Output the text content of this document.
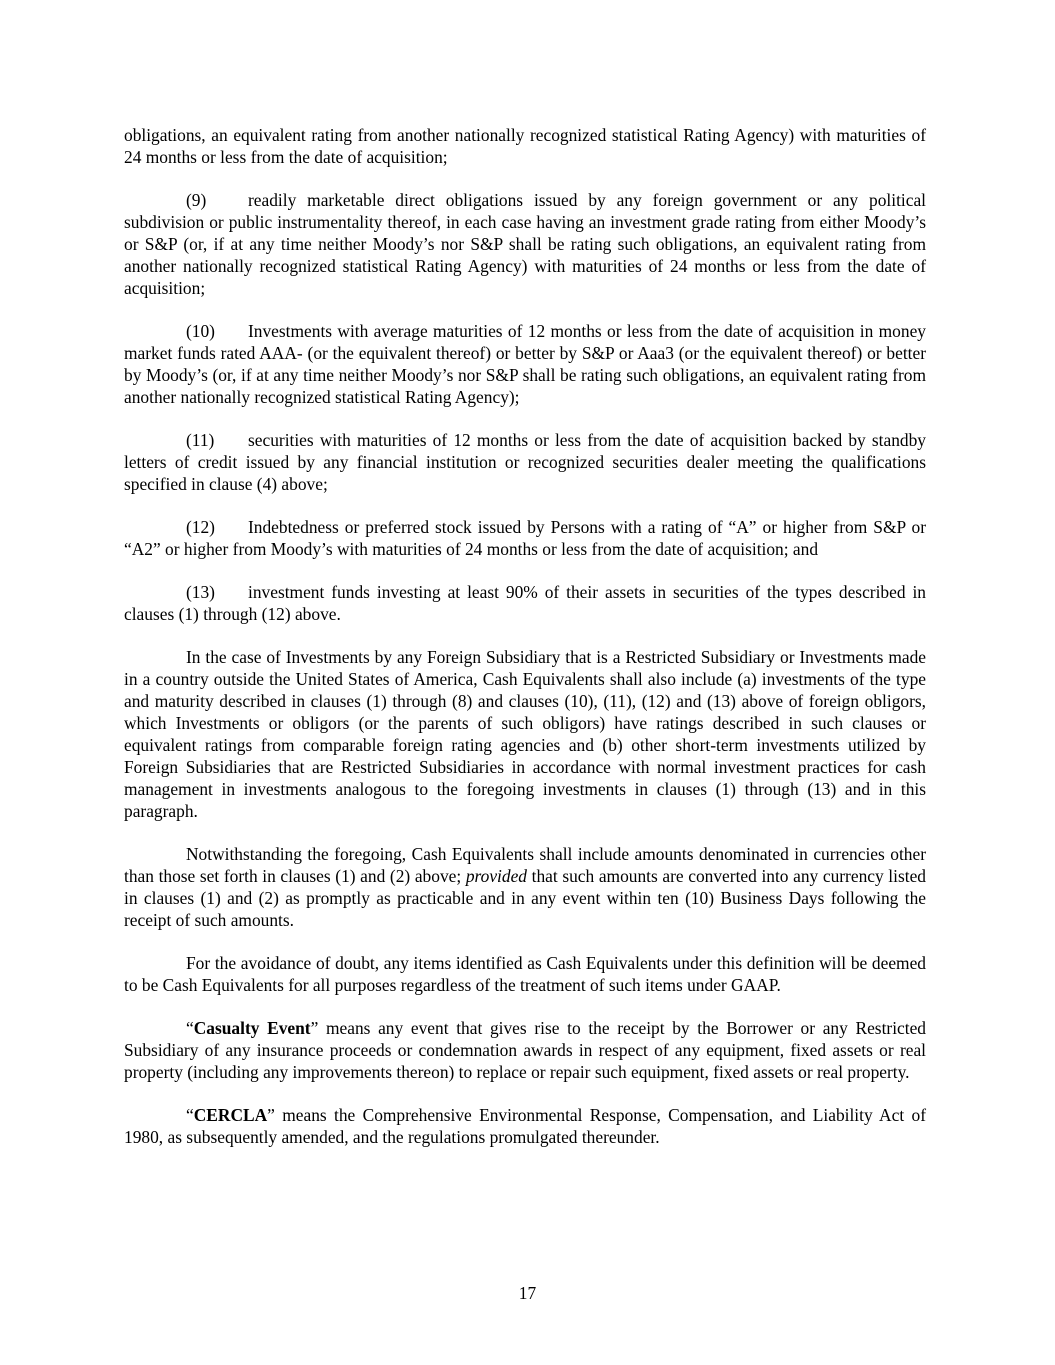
obligations, an equivalent rating from another nationally recognized statistical Rating Agency) with maturities of 24 months or less from the date of acquisition;

(9) readily marketable direct obligations issued by any foreign government or any political subdivision or public instrumentality thereof, in each case having an investment grade rating from either Moody’s or S&P (or, if at any time neither Moody’s nor S&P shall be rating such obligations, an equivalent rating from another nationally recognized statistical Rating Agency) with maturities of 24 months or less from the date of acquisition;

(10) Investments with average maturities of 12 months or less from the date of acquisition in money market funds rated AAA- (or the equivalent thereof) or better by S&P or Aaa3 (or the equivalent thereof) or better by Moody’s (or, if at any time neither Moody’s nor S&P shall be rating such obligations, an equivalent rating from another nationally recognized statistical Rating Agency);

(11) securities with maturities of 12 months or less from the date of acquisition backed by standby letters of credit issued by any financial institution or recognized securities dealer meeting the qualifications specified in clause (4) above;

(12) Indebtedness or preferred stock issued by Persons with a rating of “A” or higher from S&P or “A2” or higher from Moody’s with maturities of 24 months or less from the date of acquisition; and

(13) investment funds investing at least 90% of their assets in securities of the types described in clauses (1) through (12) above.

In the case of Investments by any Foreign Subsidiary that is a Restricted Subsidiary or Investments made in a country outside the United States of America, Cash Equivalents shall also include (a) investments of the type and maturity described in clauses (1) through (8) and clauses (10), (11), (12) and (13) above of foreign obligors, which Investments or obligors (or the parents of such obligors) have ratings described in such clauses or equivalent ratings from comparable foreign rating agencies and (b) other short-term investments utilized by Foreign Subsidiaries that are Restricted Subsidiaries in accordance with normal investment practices for cash management in investments analogous to the foregoing investments in clauses (1) through (13) and in this paragraph.

Notwithstanding the foregoing, Cash Equivalents shall include amounts denominated in currencies other than those set forth in clauses (1) and (2) above; provided that such amounts are converted into any currency listed in clauses (1) and (2) as promptly as practicable and in any event within ten (10) Business Days following the receipt of such amounts.

For the avoidance of doubt, any items identified as Cash Equivalents under this definition will be deemed to be Cash Equivalents for all purposes regardless of the treatment of such items under GAAP.

“Casualty Event” means any event that gives rise to the receipt by the Borrower or any Restricted Subsidiary of any insurance proceeds or condemnation awards in respect of any equipment, fixed assets or real property (including any improvements thereon) to replace or repair such equipment, fixed assets or real property.

“CERCLA” means the Comprehensive Environmental Response, Compensation, and Liability Act of 1980, as subsequently amended, and the regulations promulgated thereunder.

17
